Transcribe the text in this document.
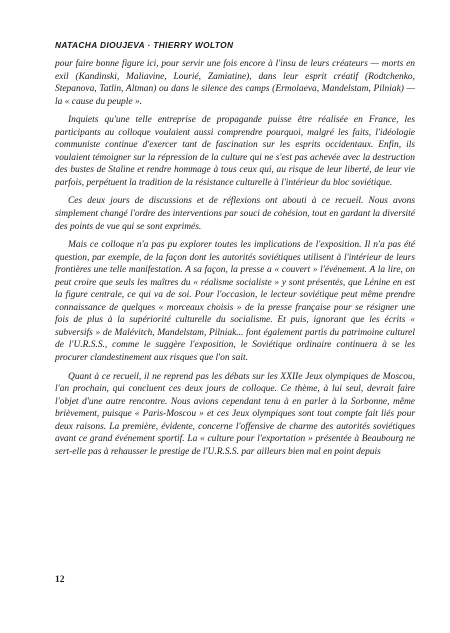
NATACHA DIOUJEVA · THIERRY WOLTON

pour faire bonne figure ici, pour servir une fois encore à l'insu de leurs créateurs — morts en exil (Kandinski, Maliavine, Lourié, Zamiatine), dans leur esprit créatif (Rodtchenko, Stepanova, Tatlin, Altman) ou dans le silence des camps (Ermolaeva, Mandelstam, Pilniak) — la « cause du peuple ».

Inquiets qu'une telle entreprise de propagande puisse être réalisée en France, les participants au colloque voulaient aussi comprendre pourquoi, malgré les faits, l'idéologie communiste continue d'exercer tant de fascination sur les esprits occidentaux. Enfin, ils voulaient témoigner sur la répression de la culture qui ne s'est pas achevée avec la destruction des bustes de Staline et rendre hommage à tous ceux qui, au risque de leur liberté, de leur vie parfois, perpétuent la tradition de la résistance culturelle à l'intérieur du bloc soviétique.

Ces deux jours de discussions et de réflexions ont abouti à ce recueil. Nous avons simplement changé l'ordre des interventions par souci de cohésion, tout en gardant la diversité des points de vue qui se sont exprimés.

Mais ce colloque n'a pas pu explorer toutes les implications de l'exposition. Il n'a pas été question, par exemple, de la façon dont les autorités soviétiques utilisent à l'intérieur de leurs frontières une telle manifestation. A sa façon, la presse a « couvert » l'événement. A la lire, on peut croire que seuls les maîtres du « réalisme socialiste » y sont présentés, que Lénine en est la figure centrale, ce qui va de soi. Pour l'occasion, le lecteur soviétique peut même prendre connaissance de quelques « morceaux choisis » de la presse française pour se résigner une fois de plus à la supériorité culturelle du socialisme. Et puis, ignorant que les écrits « subversifs » de Malévitch, Mandelstam, Pilniak... font également partis du patrimoine culturel de l'U.R.S.S., comme le suggère l'exposition, le Soviétique ordinaire continuera à se les procurer clandestinement aux risques que l'on sait.

Quant à ce recueil, il ne reprend pas les débats sur les XXIIe Jeux olympiques de Moscou, l'an prochain, qui concluent ces deux jours de colloque. Ce thème, à lui seul, devrait faire l'objet d'une autre rencontre. Nous avions cependant tenu à en parler à la Sorbonne, même brièvement, puisque « Paris-Moscou » et ces Jeux olympiques sont tout compte fait liés pour deux raisons. La première, évidente, concerne l'offensive de charme des autorités soviétiques avant ce grand événement sportif. La « culture pour l'exportation » présentée à Beaubourg ne sert-elle pas à rehausser le prestige de l'U.R.S.S. par ailleurs bien mal en point depuis

12
